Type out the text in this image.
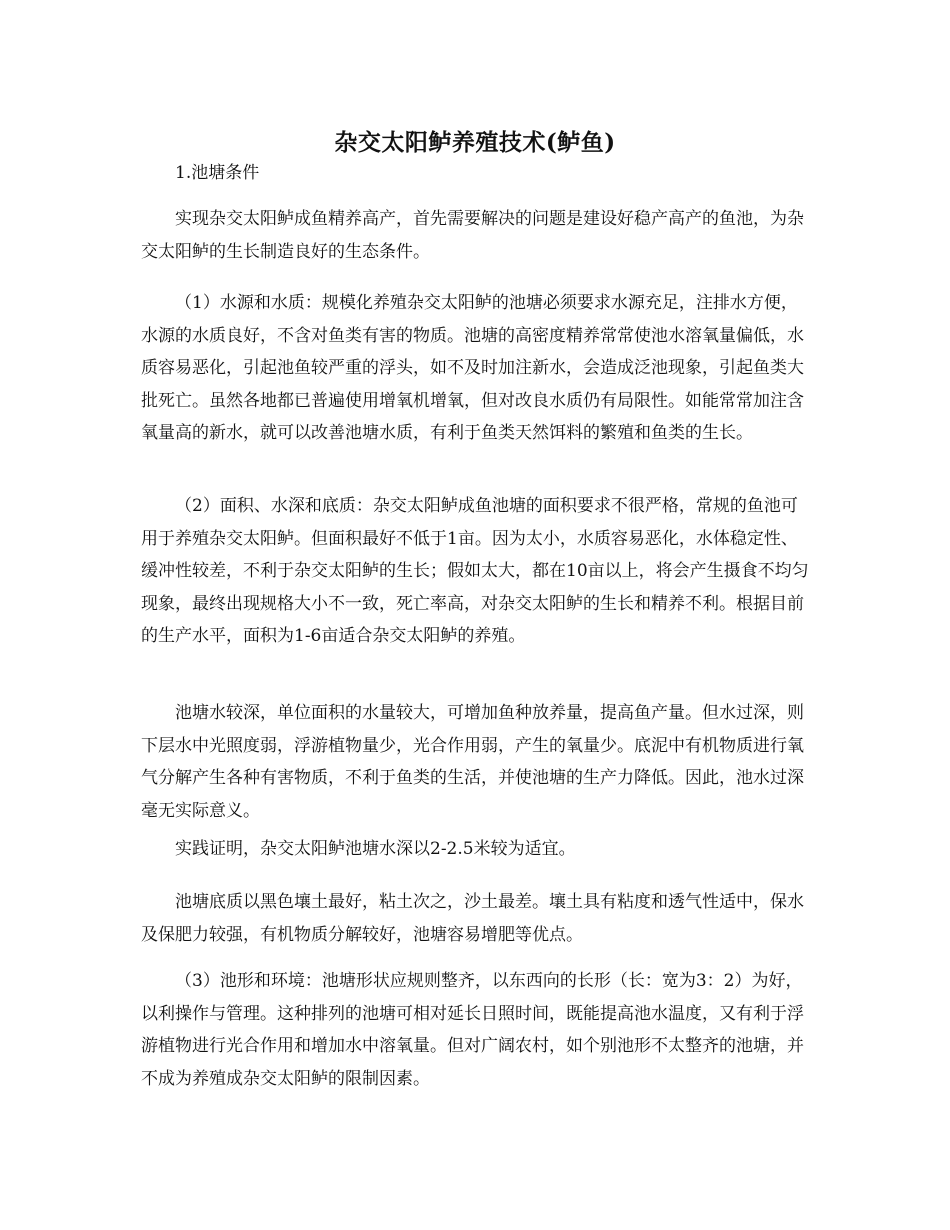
杂交太阳鲈养殖技术(鲈鱼)

1.池塘条件

实现杂交太阳鲈成鱼精养高产，首先需要解决的问题是建设好稳产高产的鱼池，为杂交太阳鲈的生长制造良好的生态条件。

（1）水源和水质：规模化养殖杂交太阳鲈的池塘必须要求水源充足，注排水方便，水源的水质良好，不含对鱼类有害的物质。池塘的高密度精养常常使池水溶氧量偏低，水质容易恶化，引起池鱼较严重的浮头，如不及时加注新水，会造成泛池现象，引起鱼类大批死亡。虽然各地都已普遍使用增氧机增氧，但对改良水质仍有局限性。如能常常加注含氧量高的新水，就可以改善池塘水质，有利于鱼类天然饵料的繁殖和鱼类的生长。

（2）面积、水深和底质：杂交太阳鲈成鱼池塘的面积要求不很严格，常规的鱼池可用于养殖杂交太阳鲈。但面积最好不低于1亩。因为太小，水质容易恶化，水体稳定性、缓冲性较差，不利于杂交太阳鲈的生长；假如太大，都在10亩以上，将会产生摄食不均匀现象，最终出现规格大小不一致，死亡率高，对杂交太阳鲈的生长和精养不利。根据目前的生产水平，面积为1-6亩适合杂交太阳鲈的养殖。

池塘水较深，单位面积的水量较大，可增加鱼种放养量，提高鱼产量。但水过深，则下层水中光照度弱，浮游植物量少，光合作用弱，产生的氧量少。底泥中有机物质进行氧气分解产生各种有害物质，不利于鱼类的生活，并使池塘的生产力降低。因此，池水过深毫无实际意义。

实践证明，杂交太阳鲈池塘水深以2-2.5米较为适宜。

池塘底质以黑色壤土最好，粘土次之，沙土最差。壤土具有粘度和透气性适中，保水及保肥力较强，有机物质分解较好，池塘容易增肥等优点。

（3）池形和环境：池塘形状应规则整齐，以东西向的长形（长：宽为3：2）为好，以利操作与管理。这种排列的池塘可相对延长日照时间，既能提高池水温度，又有利于浮游植物进行光合作用和增加水中溶氧量。但对广阔农村，如个别池形不太整齐的池塘，并不成为养殖成杂交太阳鲈的限制因素。
